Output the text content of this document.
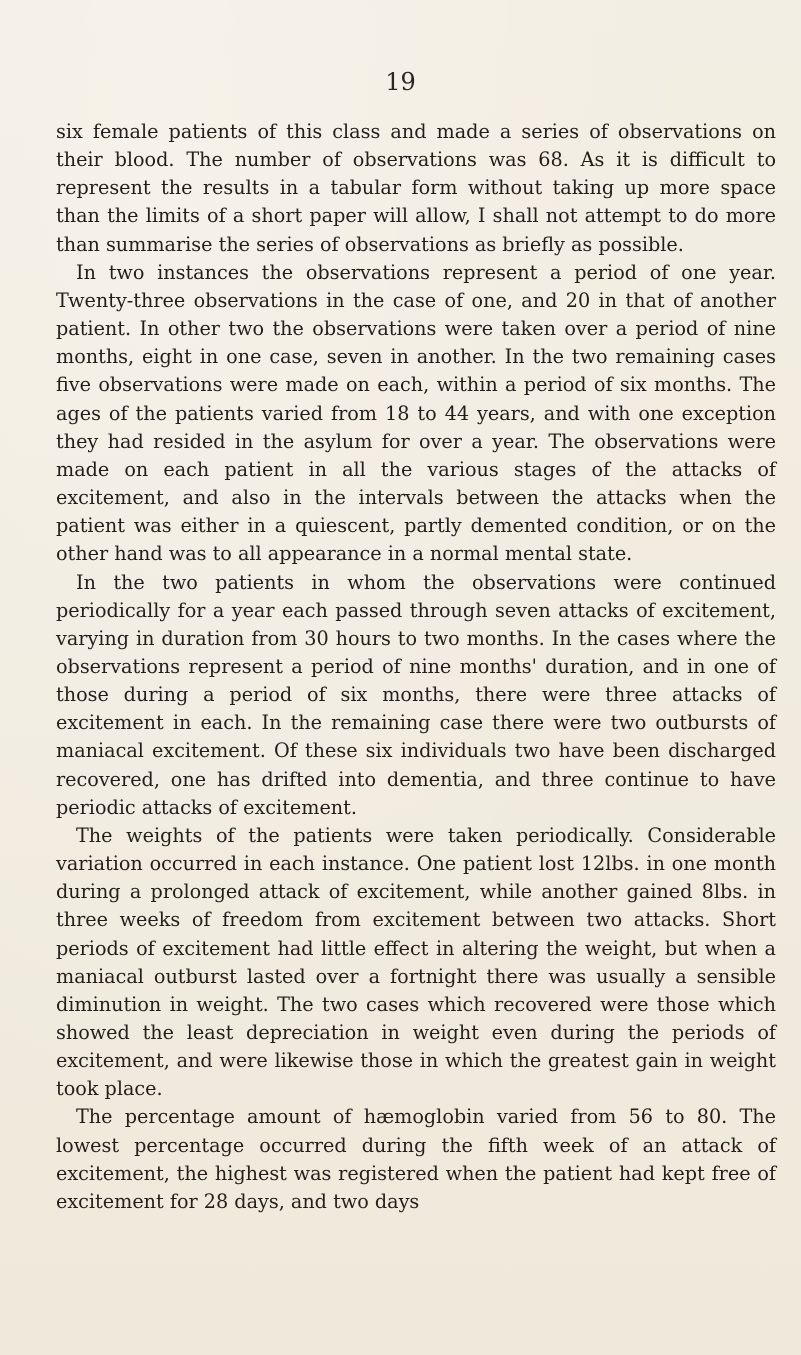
19

six female patients of this class and made a series of observations on their blood. The number of observations was 68. As it is difficult to represent the results in a tabular form without taking up more space than the limits of a short paper will allow, I shall not attempt to do more than summarise the series of observations as briefly as possible.

In two instances the observations represent a period of one year. Twenty-three observations in the case of one, and 20 in that of another patient. In other two the observations were taken over a period of nine months, eight in one case, seven in another. In the two remaining cases five observations were made on each, within a period of six months. The ages of the patients varied from 18 to 44 years, and with one exception they had resided in the asylum for over a year. The observations were made on each patient in all the various stages of the attacks of excitement, and also in the intervals between the attacks when the patient was either in a quiescent, partly demented condition, or on the other hand was to all appearance in a normal mental state.

In the two patients in whom the observations were continued periodically for a year each passed through seven attacks of excitement, varying in duration from 30 hours to two months. In the cases where the observations represent a period of nine months' duration, and in one of those during a period of six months, there were three attacks of excitement in each. In the remaining case there were two outbursts of maniacal excitement. Of these six individuals two have been discharged recovered, one has drifted into dementia, and three continue to have periodic attacks of excitement.

The weights of the patients were taken periodically. Considerable variation occurred in each instance. One patient lost 12lbs. in one month during a prolonged attack of excitement, while another gained 8lbs. in three weeks of freedom from excitement between two attacks. Short periods of excitement had little effect in altering the weight, but when a maniacal outburst lasted over a fortnight there was usually a sensible diminution in weight. The two cases which recovered were those which showed the least depreciation in weight even during the periods of excitement, and were likewise those in which the greatest gain in weight took place.

The percentage amount of hæmoglobin varied from 56 to 80. The lowest percentage occurred during the fifth week of an attack of excitement, the highest was registered when the patient had kept free of excitement for 28 days, and two days
